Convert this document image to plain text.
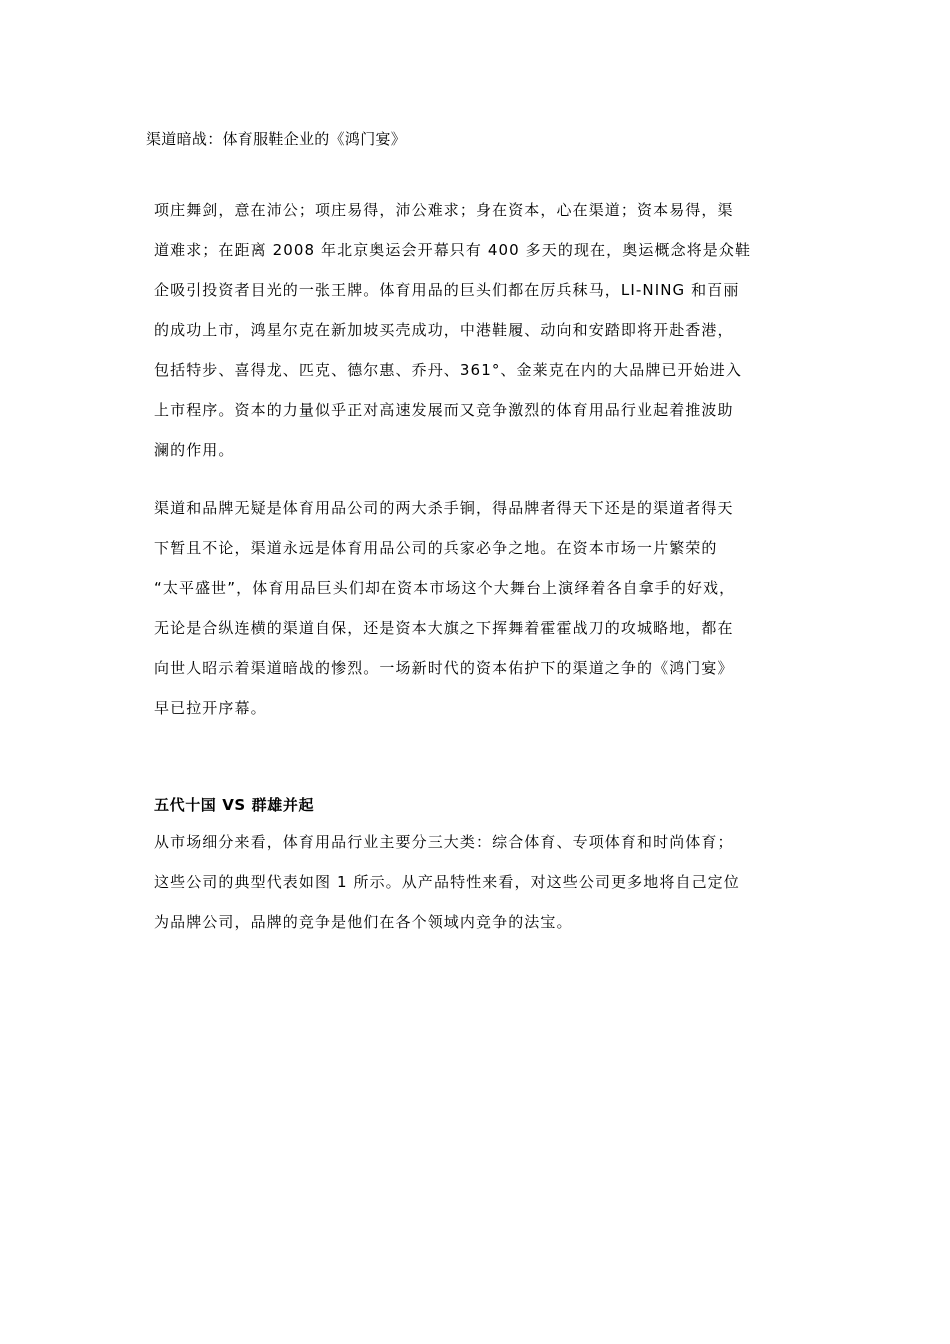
渠道暗战：体育服鞋企业的《鸿门宴》
项庄舞剑，意在沛公；项庄易得，沛公难求；身在资本，心在渠道；资本易得，渠
道难求；在距离 2008 年北京奥运会开幕只有 400 多天的现在，奥运概念将是众鞋
企吸引投资者目光的一张王牌。体育用品的巨头们都在厉兵秣马，LI-NING 和百丽
的成功上市，鸿星尔克在新加坡买壳成功，中港鞋履、动向和安踏即将开赴香港，
包括特步、喜得龙、匹克、德尔惠、乔丹、361°、金莱克在内的大品牌已开始进入
上市程序。资本的力量似乎正对高速发展而又竞争激烈的体育用品行业起着推波助
澜的作用。
渠道和品牌无疑是体育用品公司的两大杀手锏，得品牌者得天下还是的渠道者得天
下暂且不论，渠道永远是体育用品公司的兵家必争之地。在资本市场一片繁荣的
“太平盛世”，体育用品巨头们却在资本市场这个大舞台上演绎着各自拿手的好戏，
无论是合纵连横的渠道自保，还是资本大旗之下挥舞着霍霍战刀的攻城略地，都在
向世人昭示着渠道暗战的惨烈。一场新时代的资本佑护下的渠道之争的《鸿门宴》
早已拉开序幕。
五代十国 VS 群雄并起
从市场细分来看，体育用品行业主要分三大类：综合体育、专项体育和时尚体育；
这些公司的典型代表如图 1 所示。从产品特性来看，对这些公司更多地将自己定位
为品牌公司，品牌的竞争是他们在各个领域内竞争的法宝。
